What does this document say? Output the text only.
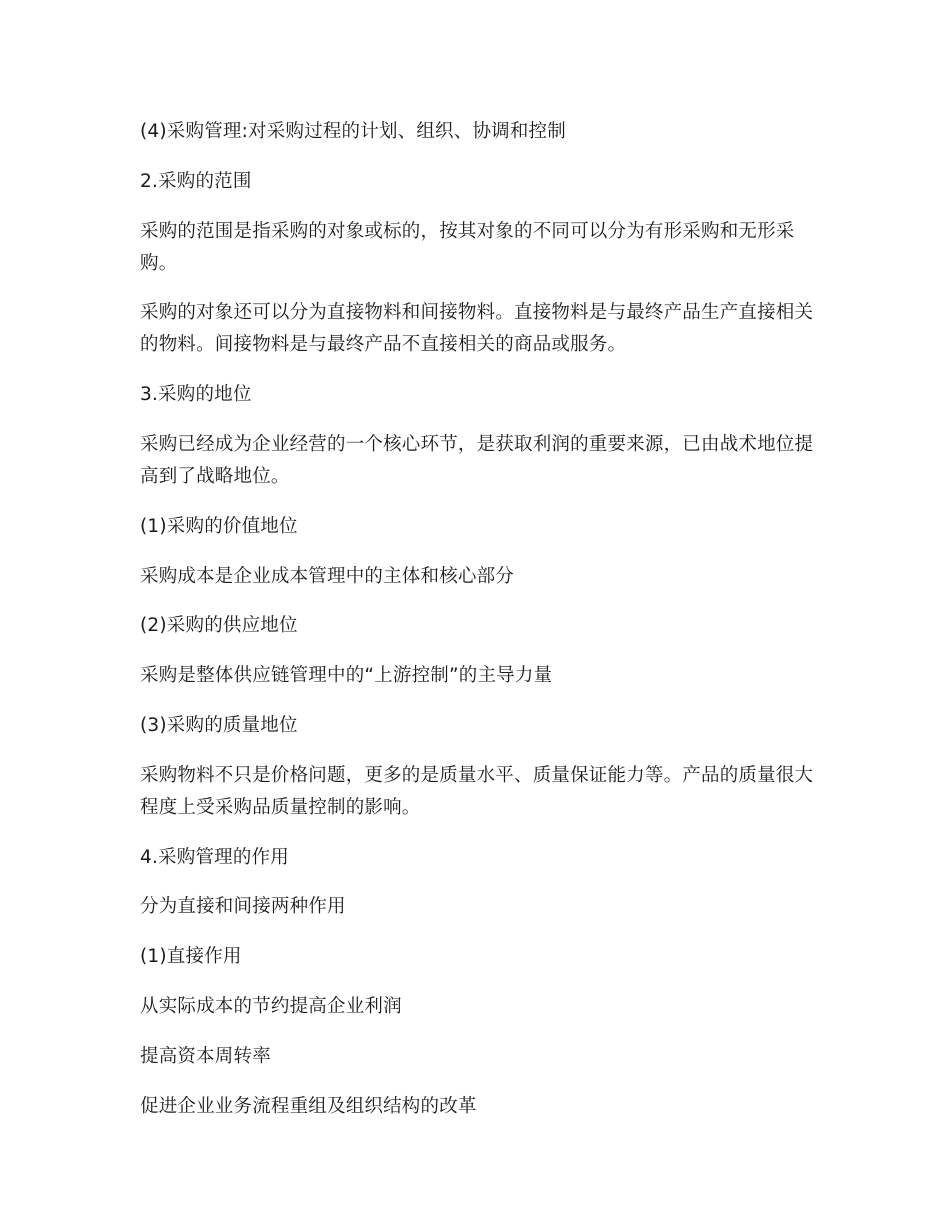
(4)采购管理:对采购过程的计划、组织、协调和控制

2.采购的范围

采购的范围是指采购的对象或标的，按其对象的不同可以分为有形采购和无形采购。

采购的对象还可以分为直接物料和间接物料。直接物料是与最终产品生产直接相关的物料。间接物料是与最终产品不直接相关的商品或服务。

3.采购的地位

采购已经成为企业经营的一个核心环节，是获取利润的重要来源，已由战术地位提高到了战略地位。

(1)采购的价值地位

采购成本是企业成本管理中的主体和核心部分

(2)采购的供应地位

采购是整体供应链管理中的“上游控制”的主导力量

(3)采购的质量地位

采购物料不只是价格问题，更多的是质量水平、质量保证能力等。产品的质量很大程度上受采购品质量控制的影响。

4.采购管理的作用

分为直接和间接两种作用

(1)直接作用

从实际成本的节约提高企业利润

提高资本周转率

促进企业业务流程重组及组织结构的改革
